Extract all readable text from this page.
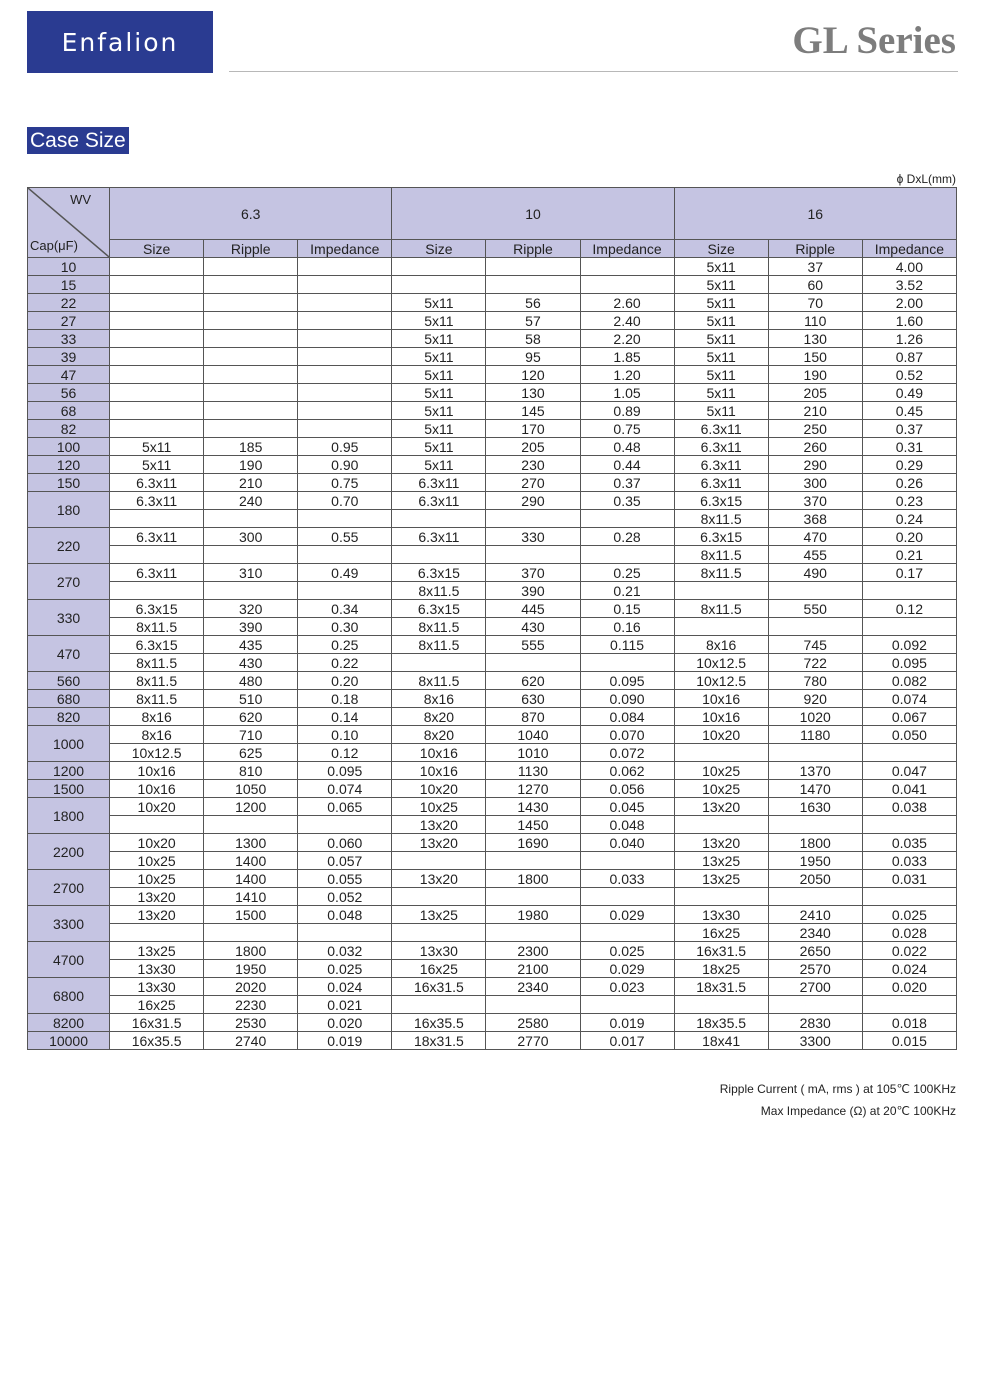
Enfalion	GL Series
Case Size
ϕ DxL(mm)
WV
Cap(μF)	6.3			10			16		
	Size	Ripple	Impedance	Size	Ripple	Impedance	Size	Ripple	Impedance
10							5x11	37	4.00
15							5x11	60	3.52
22				5x11	56	2.60	5x11	70	2.00
27				5x11	57	2.40	5x11	110	1.60
33				5x11	58	2.20	5x11	130	1.26
39				5x11	95	1.85	5x11	150	0.87
47				5x11	120	1.20	5x11	190	0.52
56				5x11	130	1.05	5x11	205	0.49
68				5x11	145	0.89	5x11	210	0.45
82				5x11	170	0.75	6.3x11	250	0.37
100	5x11	185	0.95	5x11	205	0.48	6.3x11	260	0.31
120	5x11	190	0.90	5x11	230	0.44	6.3x11	290	0.29
150	6.3x11	210	0.75	6.3x11	270	0.37	6.3x11	300	0.26
180	6.3x11	240	0.70	6.3x11	290	0.35	6.3x15	370	0.23
							8x11.5	368	0.24
220	6.3x11	300	0.55	6.3x11	330	0.28	6.3x15	470	0.20
							8x11.5	455	0.21
270	6.3x11	310	0.49	6.3x15	370	0.25	8x11.5	490	0.17
				8x11.5	390	0.21			
330	6.3x15	320	0.34	6.3x15	445	0.15	8x11.5	550	0.12
	8x11.5	390	0.30	8x11.5	430	0.16			
470	6.3x15	435	0.25	8x11.5	555	0.115	8x16	745	0.092
	8x11.5	430	0.22				10x12.5	722	0.095
560	8x11.5	480	0.20	8x11.5	620	0.095	10x12.5	780	0.082
680	8x11.5	510	0.18	8x16	630	0.090	10x16	920	0.074
820	8x16	620	0.14	8x20	870	0.084	10x16	1020	0.067
1000	8x16	710	0.10	8x20	1040	0.070	10x20	1180	0.050
	10x12.5	625	0.12	10x16	1010	0.072			
1200	10x16	810	0.095	10x16	1130	0.062	10x25	1370	0.047
1500	10x16	1050	0.074	10x20	1270	0.056	10x25	1470	0.041
1800	10x20	1200	0.065	10x25	1430	0.045	13x20	1630	0.038
				13x20	1450	0.048			
2200	10x20	1300	0.060	13x20	1690	0.040	13x20	1800	0.035
	10x25	1400	0.057				13x25	1950	0.033
2700	10x25	1400	0.055	13x20	1800	0.033	13x25	2050	0.031
	13x20	1410	0.052						
3300	13x20	1500	0.048	13x25	1980	0.029	13x30	2410	0.025
							16x25	2340	0.028
4700	13x25	1800	0.032	13x30	2300	0.025	16x31.5	2650	0.022
	13x30	1950	0.025	16x25	2100	0.029	18x25	2570	0.024
6800	13x30	2020	0.024	16x31.5	2340	0.023	18x31.5	2700	0.020
	16x25	2230	0.021						
8200	16x31.5	2530	0.020	16x35.5	2580	0.019	18x35.5	2830	0.018
10000	16x35.5	2740	0.019	18x31.5	2770	0.017	18x41	3300	0.015
Ripple Current ( mA, rms ) at 105℃ 100KHz
Max Impedance (Ω) at 20℃ 100KHz
